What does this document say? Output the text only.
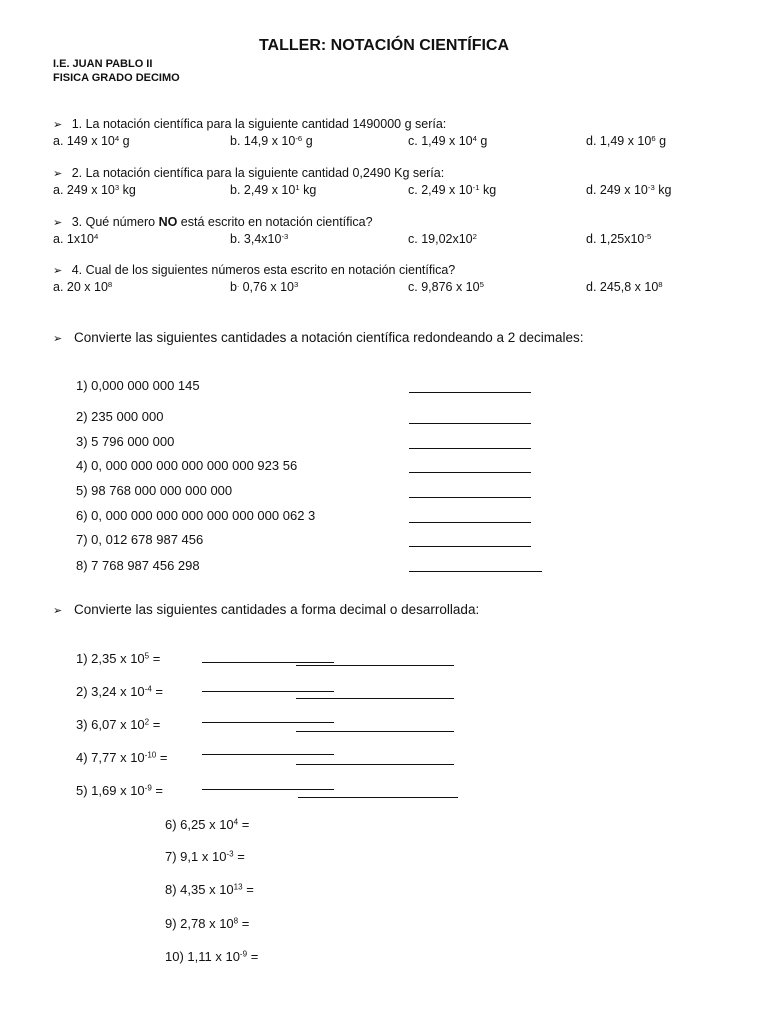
TALLER: NOTACIÓN CIENTÍFICA
I.E. JUAN PABLO II
FISICA GRADO DECIMO
➢ 1. La notación científica para la siguiente cantidad 1490000 g sería:
a. 149 x $10^4$ g	b. 14,9 x $10^{-6}$ g	c. 1,49 x $10^4$ g	d. 1,49 x $10^6$ g
➢ 2. La notación científica para la siguiente cantidad 0,2490 Kg sería:
a. 249 x $10^3$ kg	b. 2,49 x $10^1$ kg	c. 2,49 x $10^{-1}$ kg	d. 249 x $10^{-3}$ kg
➢ 3. Qué número NO está escrito en notación científica?
a. $1x10^4$	b. $3,4x10^{-3}$	c. $19,02x10^2$	d. $1,25x10^{-5}$
➢ 4. Cual de los siguientes números esta escrito en notación científica?
a. 20 x $10^8$	b. 0,76 x $10^3$	c. 9,876 x $10^5$	d. 245,8 x $10^8$
➢ Convierte las siguientes cantidades a notación científica redondeando a 2 decimales:
1) 0,000 000 000 145
2) 235 000 000
3) 5 796 000 000
4) 0, 000 000 000 000 000 000 923 56
5) 98 768 000 000 000 000
6) 0, 000 000 000 000 000 000 000 062 3
7) 0, 012 678 987 456
8) 7 768 987 456 298
➢ Convierte las siguientes cantidades a forma decimal o desarrollada:
1) 2,35 x $10^5$ =
2) 3,24 x $10^{-4}$ =
3) 6,07 x $10^2$ =
4) 7,77 x $10^{-10}$ =
5) 1,69 x $10^{-9}$ =
6) 6,25 x $10^4$ =
7) 9,1 x $10^{-3}$ =
8) 4,35 x $10^{13}$ =
9) 2,78 x $10^8$ =
10) 1,11 x $10^{-9}$ =
